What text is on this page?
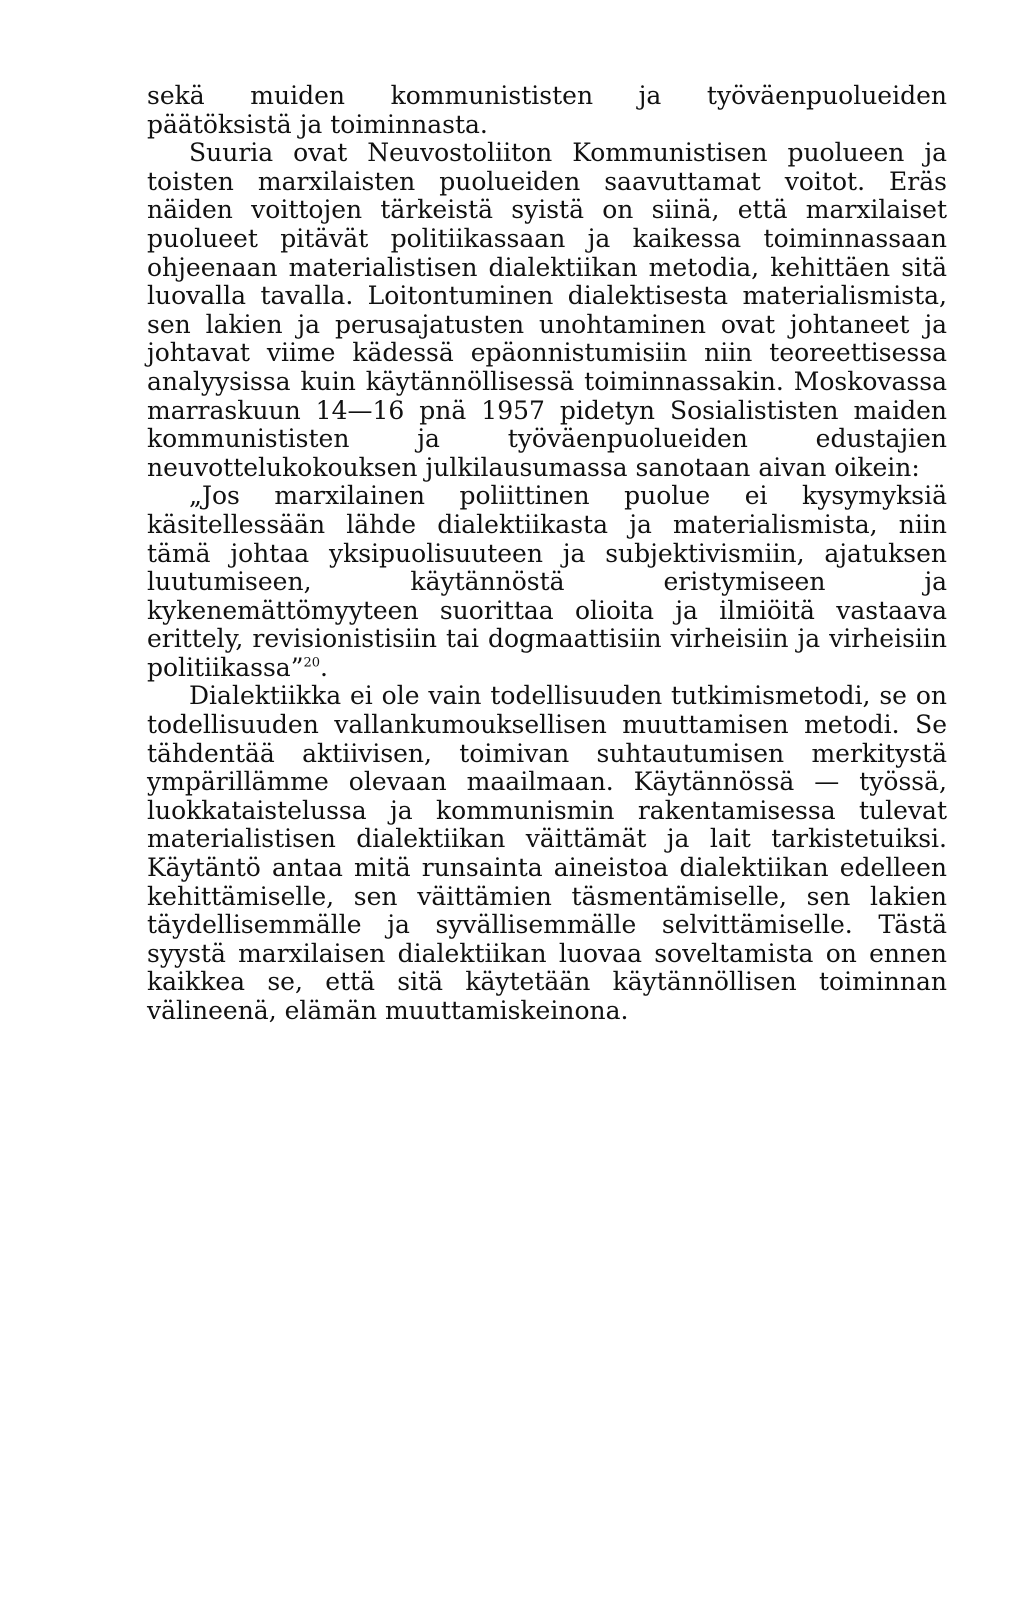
sekä muiden kommunististen ja työväenpuolueiden päätöksistä ja toiminnasta.

Suuria ovat Neuvostoliiton Kommunistisen puolueen ja toisten marxilaisten puolueiden saavuttamat voitot. Eräs näiden voittojen tärkeistä syistä on siinä, että marxilaiset puolueet pitävät politiikassaan ja kaikessa toiminnassaan ohjeenaan materialistisen dialektiikan metodia, kehittäen sitä luovalla tavalla. Loitontuminen dialektisesta materialismista, sen lakien ja perusajatusten unohtaminen ovat johtaneet ja johtavat viime kädessä epäonnistumisiin niin teoreettisessa analyysissa kuin käytännöllisessä toiminnassakin. Moskovassa marraskuun 14—16 pnä 1957 pidetyn Sosialististen maiden kommunististen ja työväenpuolueiden edustajien neuvottelukokouksen julkilausumassa sanotaan aivan oikein:

„Jos marxilainen poliittinen puolue ei kysymyksiä käsitellessään lähde dialektiikasta ja materialismista, niin tämä johtaa yksipuolisuuteen ja subjektivismiin, ajatuksen luutumiseen, käytännöstä eristymiseen ja kykenemättömyyteen suorittaa olioita ja ilmiöitä vastaava erittely, revisionistisiin tai dogmaattisiin virheisiin ja virheisiin politiikassa”$^{20}$.

Dialektiikka ei ole vain todellisuuden tutkimismetodi, se on todellisuuden vallankumouksellisen muuttamisen metodi. Se tähdentää aktiivisen, toimivan suhtautumisen merkitystä ympärillämme olevaan maailmaan. Käytännössä — työssä, luokkataistelussa ja kommunismin rakentamisessa tulevat materialistisen dialektiikan väittämät ja lait tarkistetuiksi. Käytäntö antaa mitä runsainta aineistoa dialektiikan edelleen kehittämiselle, sen väittämien täsmentämiselle, sen lakien täydellisemmälle ja syvällisemmälle selvittämiselle. Tästä syystä marxilaisen dialektiikan luovaa soveltamista on ennen kaikkea se, että sitä käytetään käytännöllisen toiminnan välineenä, elämän muuttamiskeinona.
